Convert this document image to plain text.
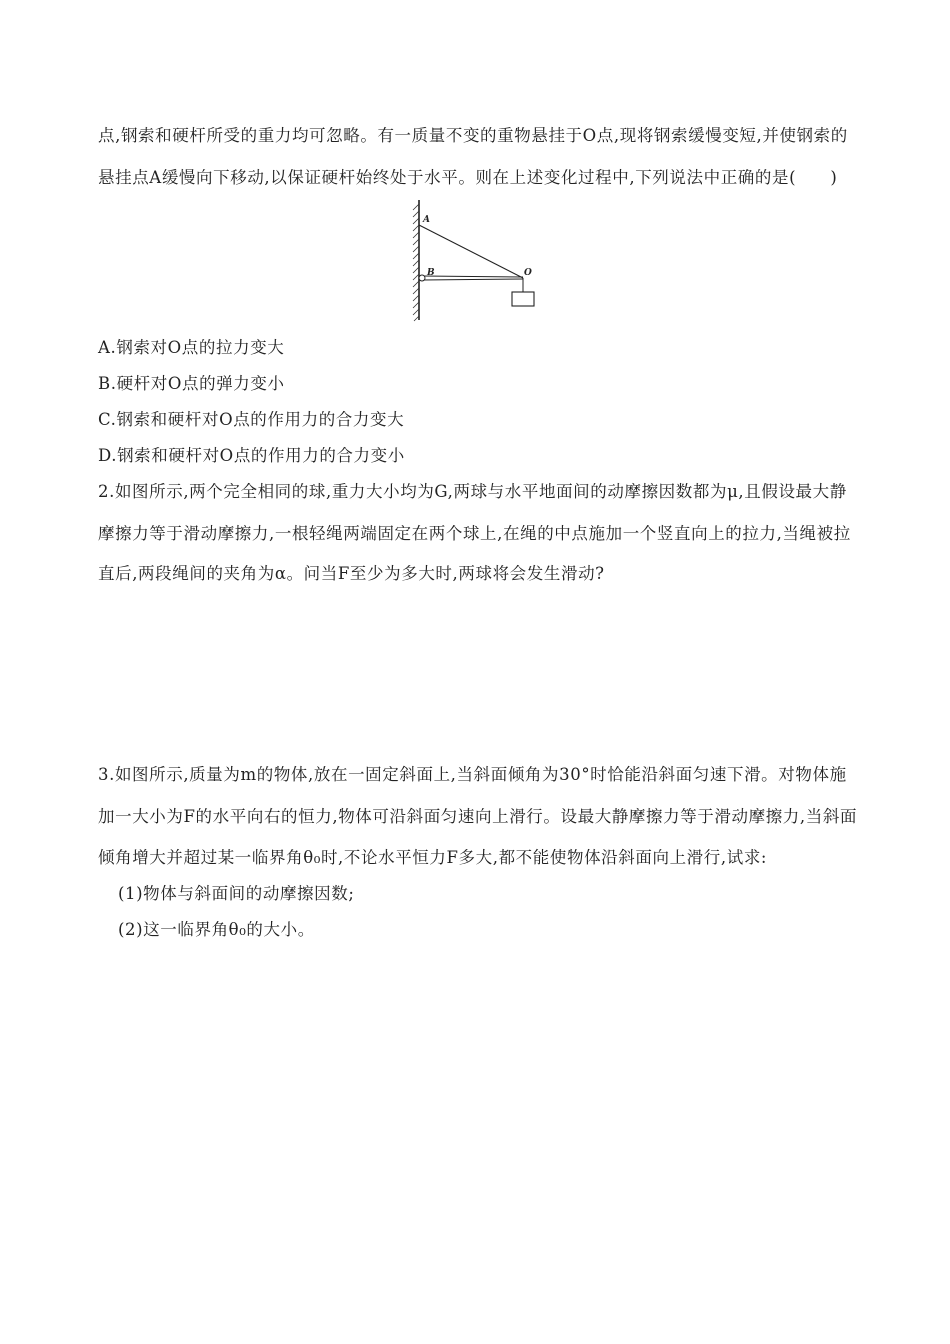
点,钢索和硬杆所受的重力均可忽略。有一质量不变的重物悬挂于O点,现将钢索缓慢变短,并使钢索的
悬挂点A缓慢向下移动,以保证硬杆始终处于水平。则在上述变化过程中,下列说法中正确的是(　　)
A
B	O
A.钢索对O点的拉力变大
B.硬杆对O点的弹力变小
C.钢索和硬杆对O点的作用力的合力变大
D.钢索和硬杆对O点的作用力的合力变小
2.如图所示,两个完全相同的球,重力大小均为G,两球与水平地面间的动摩擦因数都为μ,且假设最大静
摩擦力等于滑动摩擦力,一根轻绳两端固定在两个球上,在绳的中点施加一个竖直向上的拉力,当绳被拉
直后,两段绳间的夹角为α。问当F至少为多大时,两球将会发生滑动?
3.如图所示,质量为m的物体,放在一固定斜面上,当斜面倾角为30°时恰能沿斜面匀速下滑。对物体施
加一大小为F的水平向右的恒力,物体可沿斜面匀速向上滑行。设最大静摩擦力等于滑动摩擦力,当斜面
倾角增大并超过某一临界角θ₀时,不论水平恒力F多大,都不能使物体沿斜面向上滑行,试求:
(1)物体与斜面间的动摩擦因数;
(2)这一临界角θ₀的大小。
